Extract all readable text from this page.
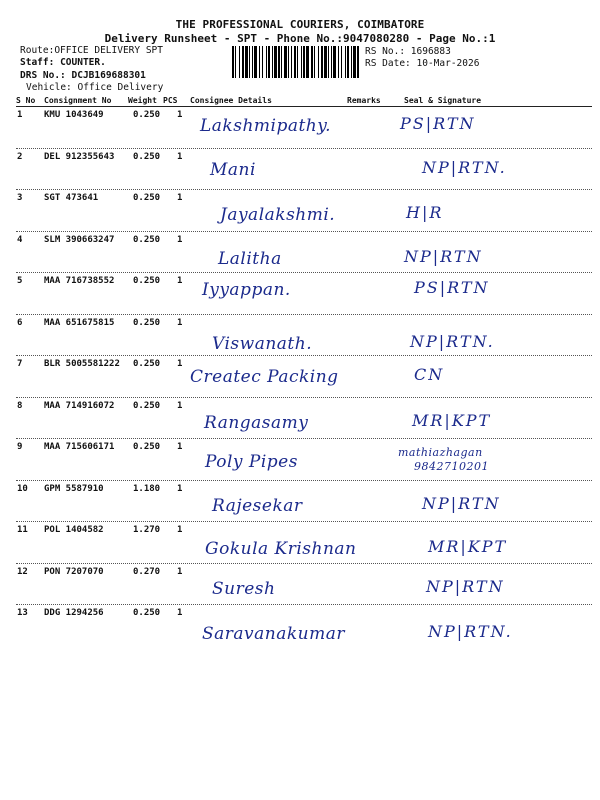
THE PROFESSIONAL COURIERS, COIMBATORE
Delivery Runsheet - SPT - Phone No.:9047080280 - Page No.:1
Route:OFFICE DELIVERY SPT
Staff: COUNTER.
DRS No.: DCJB169688301
Vehicle: Office Delivery
RS No.: 1696883
RS Date: 10-Mar-2026
S No Consignment No Weight PCS Consignee Details	Remarks	Seal & Signature
1 KMU 1043649	0.250 1
Lakshmipathy.	PS|RTN
2 DEL 912355643 0.250 1
Mani	NP|RTN.
3 SGT 473641	0.250 1
Jayalakshmi.	H|R
4 SLM 390663247 0.250 1
Lalitha	NP|RTN
5 MAA 716738552 0.250 1 Iyyappan.	PS|RTN
6 MAA 651675815 0.250 1
Viswanath.	NP|RTN.
7 BLR 5005581222 0.250 1
Createc Packing	CN
8 MAA 714916072 0.250 1
Rangasamy	MR|KPT
9 MAA 715606171 0.250 1
Poly Pipes	mathiazhagan
9842710201
10 GPM 5587910	1.180 1
Rajesekar	NP|RTN
11 POL 1404582	1.270 1
Gokula Krishnan	MR|KPT
12 PON 7207070	0.270 1
Suresh	NP|RTN
13 DDG 1294256	0.250 1
Saravanakumar	NP|RTN.
